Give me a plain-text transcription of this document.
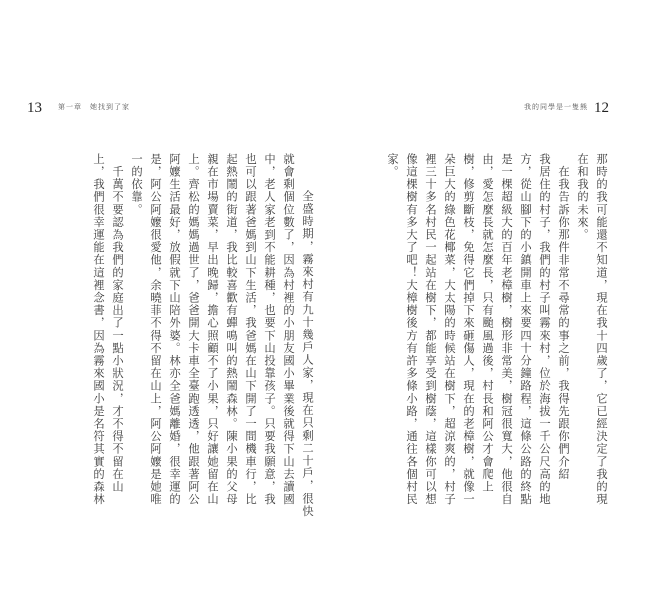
13 第一章　她找到了家
全盛時期，霧來村有九十幾戶人家，現在只剩二十戶，很快
就會剩個位數了，因為村裡的小朋友國小畢業後就得下山去讀國
中，老人家老到不能耕種，也要下山投靠孩子。只要我願意，我
也可以跟著爸媽到山下生活，我爸媽在山下開了一間機車行，比
起熱鬧的街道，我比較喜歡有蟬鳴叫的熱鬧森林。陳小果的父母
親在市場賣菜，早出晚歸，擔心照顧不了小果，只好讓她留在山
上。齊松的媽媽過世了，爸爸開大卡車全臺跑透透，他跟著阿公
阿嬤生活最好，放假就下山陪外婆。林亦全爸媽離婚，很幸運的
是，阿公阿嬤很愛他，余曉菲不得不留在山上，阿公阿嬤是她唯
一的依靠。
　千萬不要認為我們的家庭出了一點小狀況，才不得不留在山
上，我們很幸運能在這裡念書，因為霧來國小是名符其實的森林
我的同學是一隻熊 12
那時的我可能還不知道，現在我十四歲了，它已經決定了我的現
在和我的未來。
　在我告訴你那件非常不尋常的事之前，我得先跟你們介紹
我居住的村子，我們的村子叫霧來村，位於海拔一千公尺高的地
方，從山腳下的小鎮開車上來要四十分鐘路程，這條公路的終點
是一棵超級大的百年老樟樹，樹形非常美，樹冠很寬大，他很自
由，愛怎麼長就怎麼長，只有颱風過後，村長和阿公才會爬上
樹，修剪斷枝，免得它們掉下來砸傷人，現在的老樟樹，就像一
朵巨大的綠色花椰菜，大太陽的時候站在樹下，超涼爽的，村子
裡三十多名村民一起站在樹下，都能享受到樹蔭，這樣你可以想
像這棵樹有多大了吧！大樟樹後方有許多條小路，通往各個村民
家。
